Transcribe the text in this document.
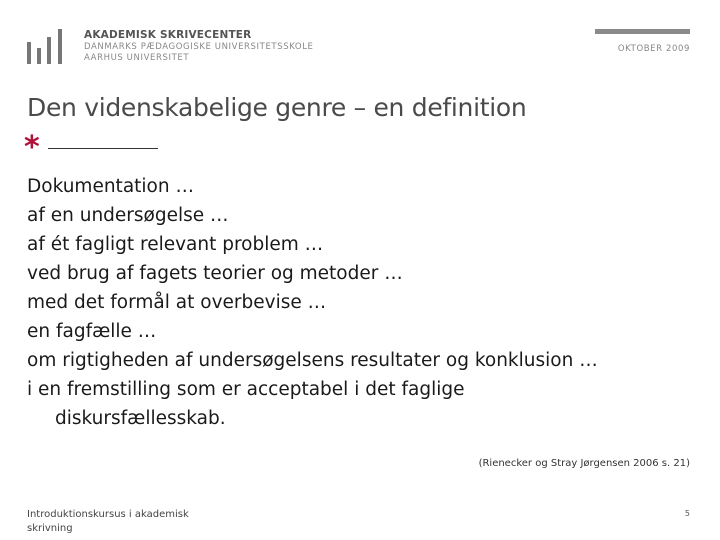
AKADEMISK SKRIVECENTER
DANMARKS PÆDAGOGISKE UNIVERSITETSSKOLE
AARHUS UNIVERSITET
OKTOBER 2009
Den videnskabelige genre – en definition
*
Dokumentation …
af en undersøgelse …
af ét fagligt relevant problem …
ved brug af fagets teorier og metoder …
med det formål at overbevise …
en fagfælle …
om rigtigheden af undersøgelsens resultater og konklusion …
i en fremstilling som er acceptabel i det faglige
diskursfællesskab.
(Rienecker og Stray Jørgensen 2006 s. 21)
Introduktionskursus i akademisk skrivning
5
